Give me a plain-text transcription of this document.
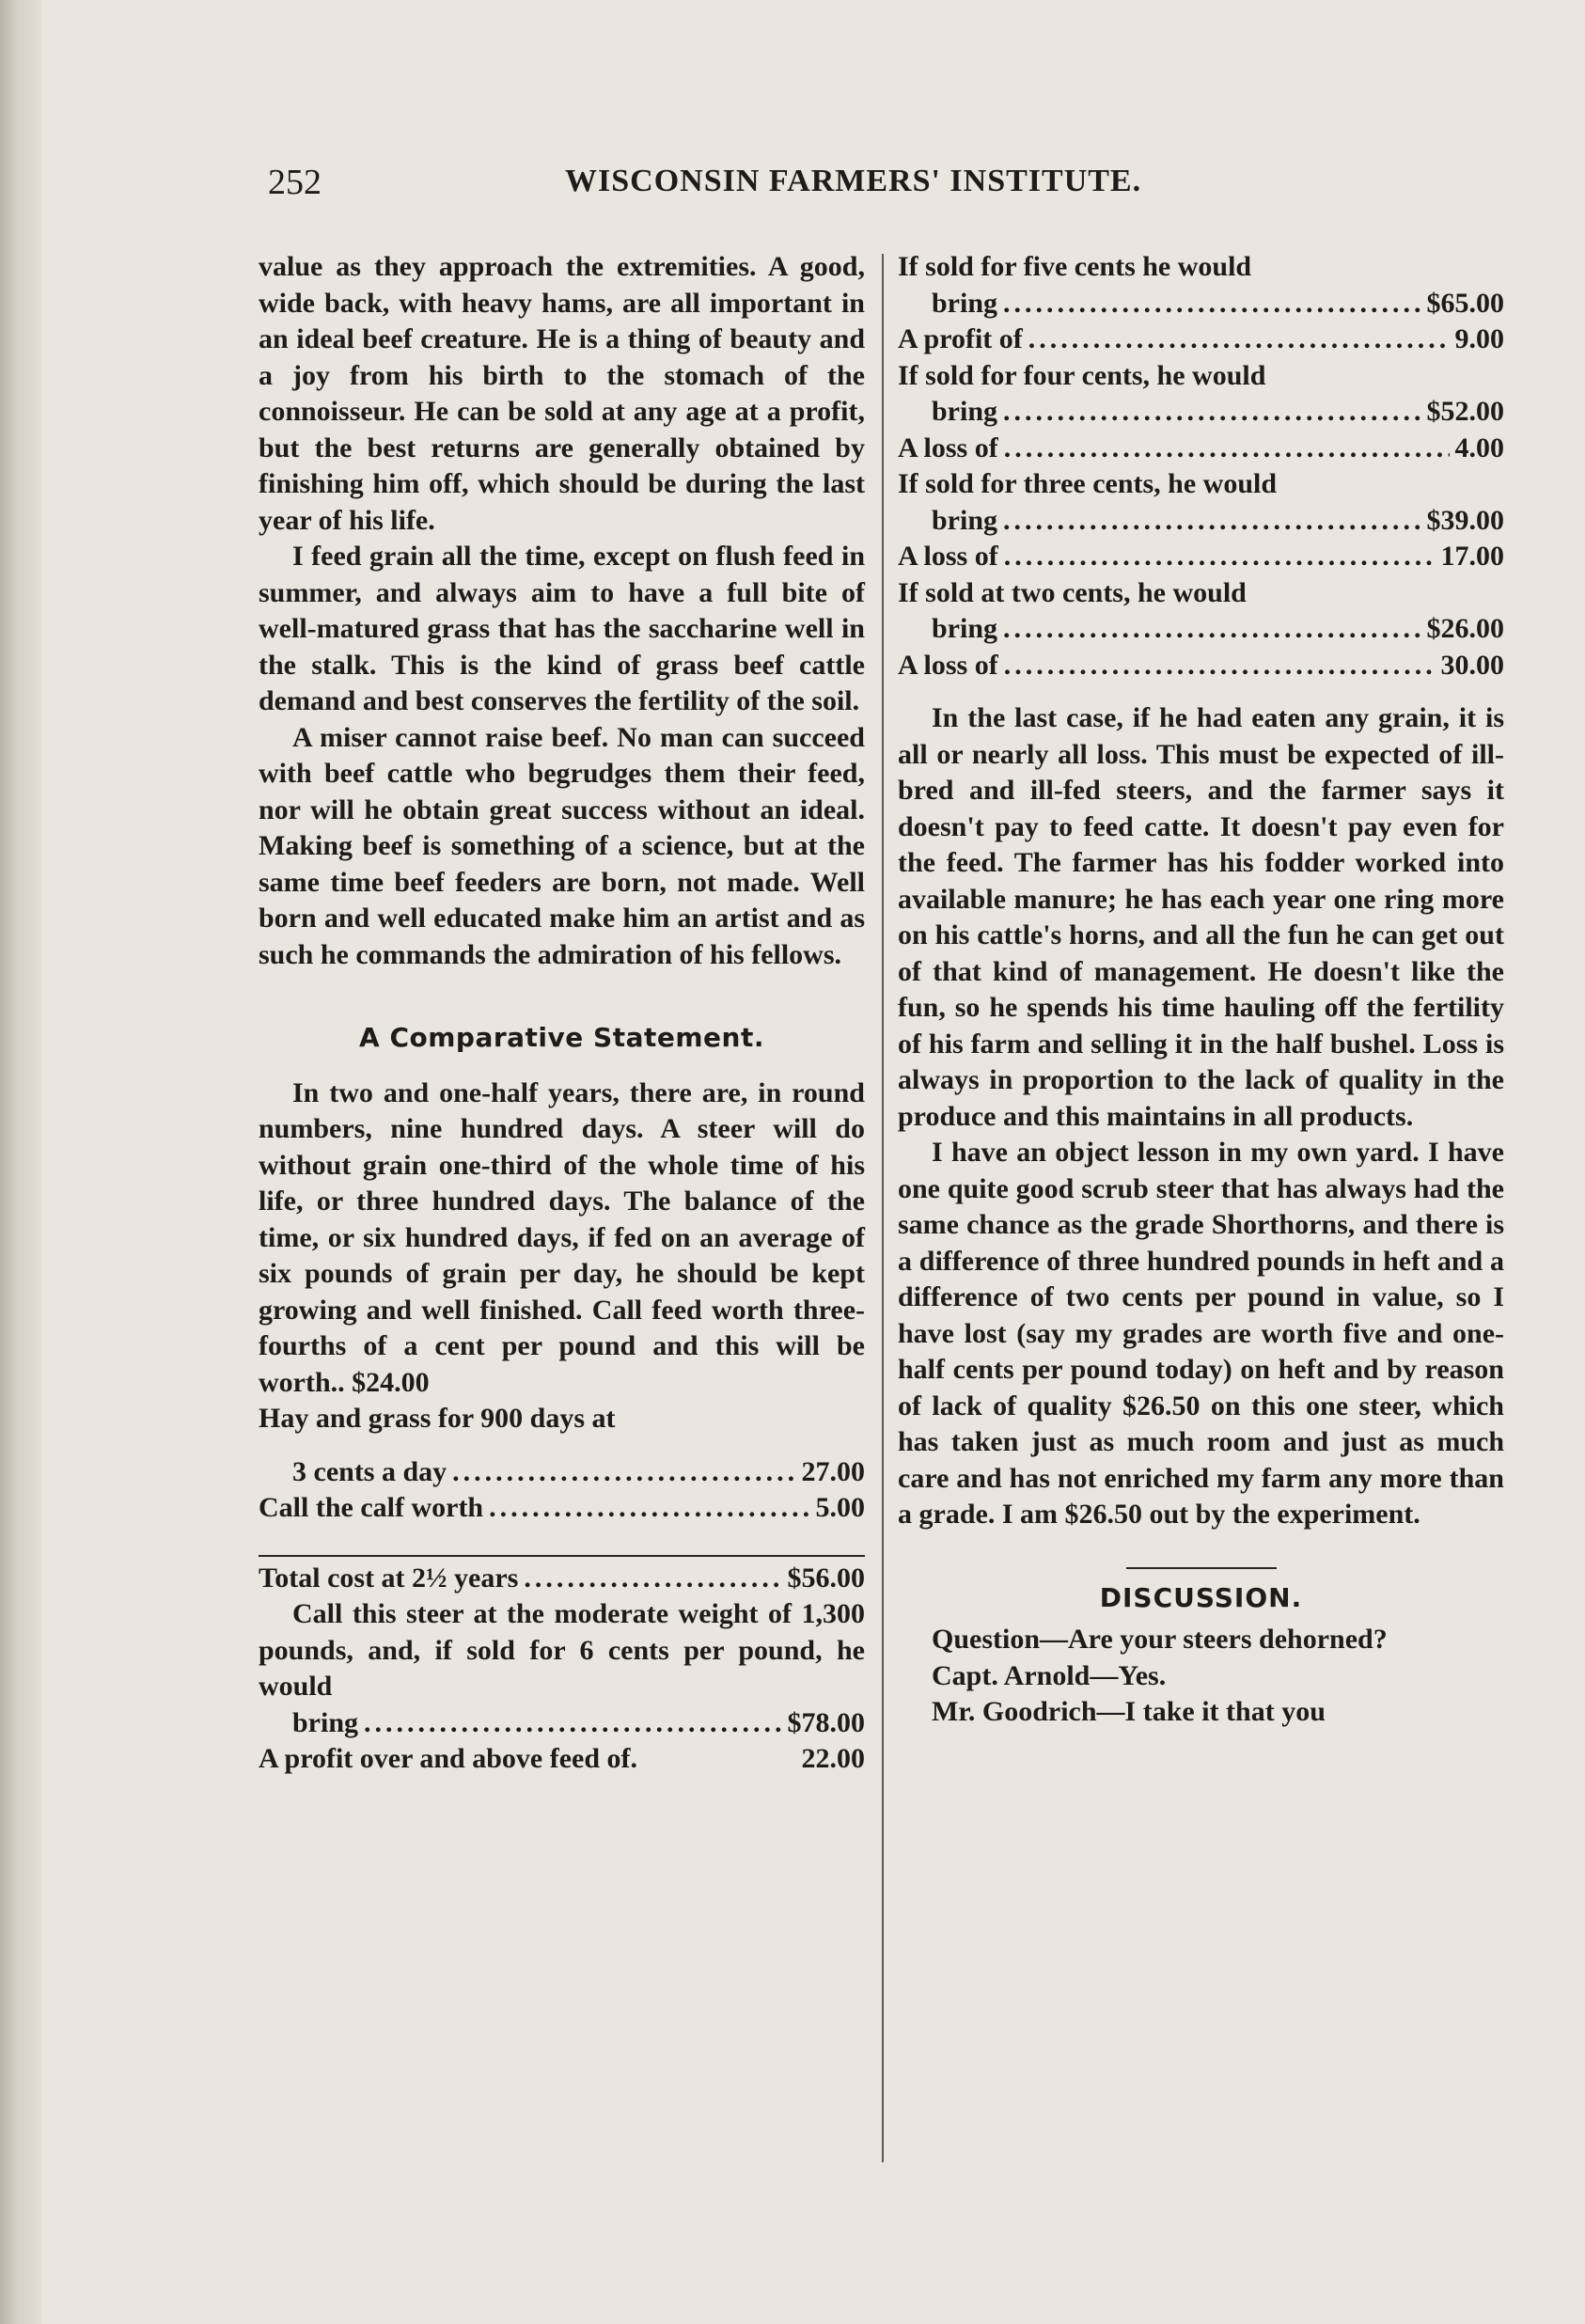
252	WISCONSIN FARMERS' INSTITUTE.

value as they approach the extremities. A good, wide back, with heavy hams, are all important in an ideal beef creature. He is a thing of beauty and a joy from his birth to the stomach of the connoisseur. He can be sold at any age at a profit, but the best returns are generally obtained by finishing him off, which should be during the last year of his life.

I feed grain all the time, except on flush feed in summer, and always aim to have a full bite of well-matured grass that has the saccharine well in the stalk. This is the kind of grass beef cattle demand and best conserves the fertility of the soil.

A miser cannot raise beef. No man can succeed with beef cattle who begrudges them their feed, nor will he obtain great success without an ideal. Making beef is something of a science, but at the same time beef feeders are born, not made. Well born and well educated make him an artist and as such he commands the admiration of his fellows.

A Comparative Statement.

In two and one-half years, there are, in round numbers, nine hundred days. A steer will do without grain one-third of the whole time of his life, or three hundred days. The balance of the time, or six hundred days, if fed on an average of six pounds of grain per day, he should be kept growing and well finished. Call feed worth three-fourths of a cent per pound and this will be worth.. $24.00

Hay and grass for 900 days at

3 cents a day .....	27.00
Call the calf worth .....	5.00
Total cost at 2½ years .....	$56.00

Call this steer at the moderate weight of 1,300 pounds, and, if sold for 6 cents per pound, he would

bring .....	$78.00
A profit over and above feed of.	22.00

If sold for five cents he would

bring .....	$65.00
A profit of .....	9.00

If sold for four cents, he would

bring .....	$52.00
A loss of .....	4.00

If sold for three cents, he would

bring .....	$39.00
A loss of .....	17.00

If sold at two cents, he would

bring .....	$26.00
A loss of .....	30.00

In the last case, if he had eaten any grain, it is all or nearly all loss. This must be expected of ill-bred and ill-fed steers, and the farmer says it doesn't pay to feed catte. It doesn't pay even for the feed. The farmer has his fodder worked into available manure; he has each year one ring more on his cattle's horns, and all the fun he can get out of that kind of management. He doesn't like the fun, so he spends his time hauling off the fertility of his farm and selling it in the half bushel. Loss is always in proportion to the lack of quality in the produce and this maintains in all products.

I have an object lesson in my own yard. I have one quite good scrub steer that has always had the same chance as the grade Shorthorns, and there is a difference of three hundred pounds in heft and a difference of two cents per pound in value, so I have lost (say my grades are worth five and one-half cents per pound today) on heft and by reason of lack of quality $26.50 on this one steer, which has taken just as much room and just as much care and has not enriched my farm any more than a grade. I am $26.50 out by the experiment.

DISCUSSION.

Question—Are your steers dehorned?

Capt. Arnold—Yes.

Mr. Goodrich—I take it that you
